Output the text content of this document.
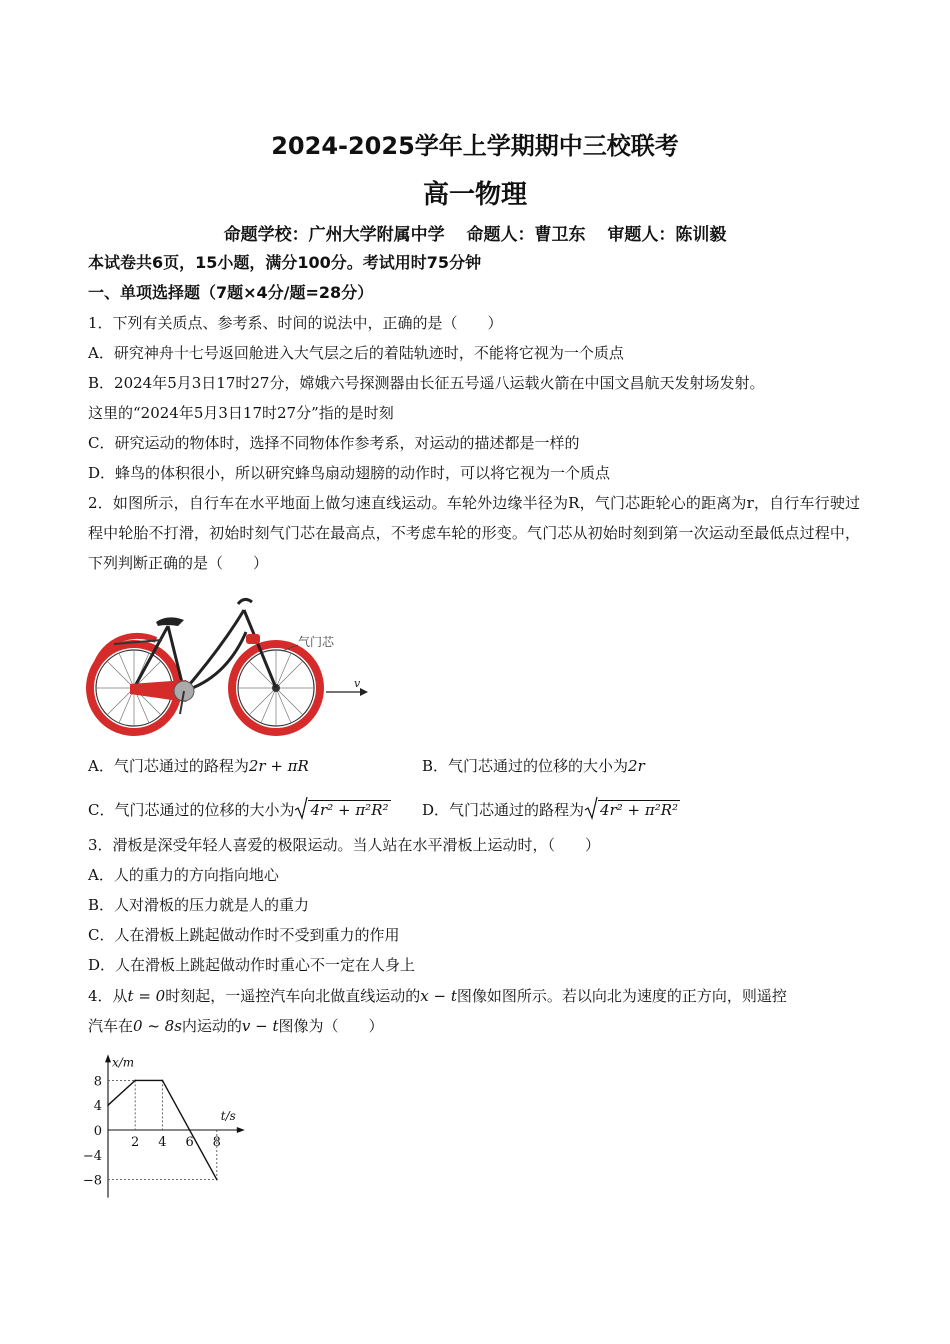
2024-2025学年上学期期中三校联考
高一物理
命题学校：广州大学附属中学 命题人：曹卫东 审题人：陈训毅
本试卷共6页，15小题，满分100分。考试用时75分钟
一、单项选择题（7题×4分/题=28分）
1．下列有关质点、参考系、时间的说法中，正确的是（　　）
A．研究神舟十七号返回舱进入大气层之后的着陆轨迹时，不能将它视为一个质点
B．2024年5月3日17时27分，嫦娥六号探测器由长征五号遥八运载火箭在中国文昌航天发射场发射。
这里的“2024年5月3日17时27分”指的是时刻
C．研究运动的物体时，选择不同物体作参考系，对运动的描述都是一样的
D．蜂鸟的体积很小，所以研究蜂鸟扇动翅膀的动作时，可以将它视为一个质点
2．如图所示，自行车在水平地面上做匀速直线运动。车轮外边缘半径为R，气门芯距轮心的距离为r，自行车行驶过程中轮胎不打滑，初始时刻气门芯在最高点，不考虑车轮的形变。气门芯从初始时刻到第一次运动至最低点过程中，下列判断正确的是（　　）
气门芯
v
A．气门芯通过的路程为2r + πR	B．气门芯通过的位移的大小为2r
C．气门芯通过的位移的大小为 4r² + π²R² D．气门芯通过的路程为 4r² + π²R²
3．滑板是深受年轻人喜爱的极限运动。当人站在水平滑板上运动时，（　　）
A．人的重力的方向指向地心
B．人对滑板的压力就是人的重力
C．人在滑板上跳起做动作时不受到重力的作用
D．人在滑板上跳起做动作时重心不一定在人身上
4．从t = 0时刻起，一遥控汽车向北做直线运动的x − t图像如图所示。若以向北为速度的正方向，则遥控
汽车在0 ~ 8s内运动的v − t图像为（　　）
x/m
t/s
8
4
0
−4
−8
2 4 6 8
